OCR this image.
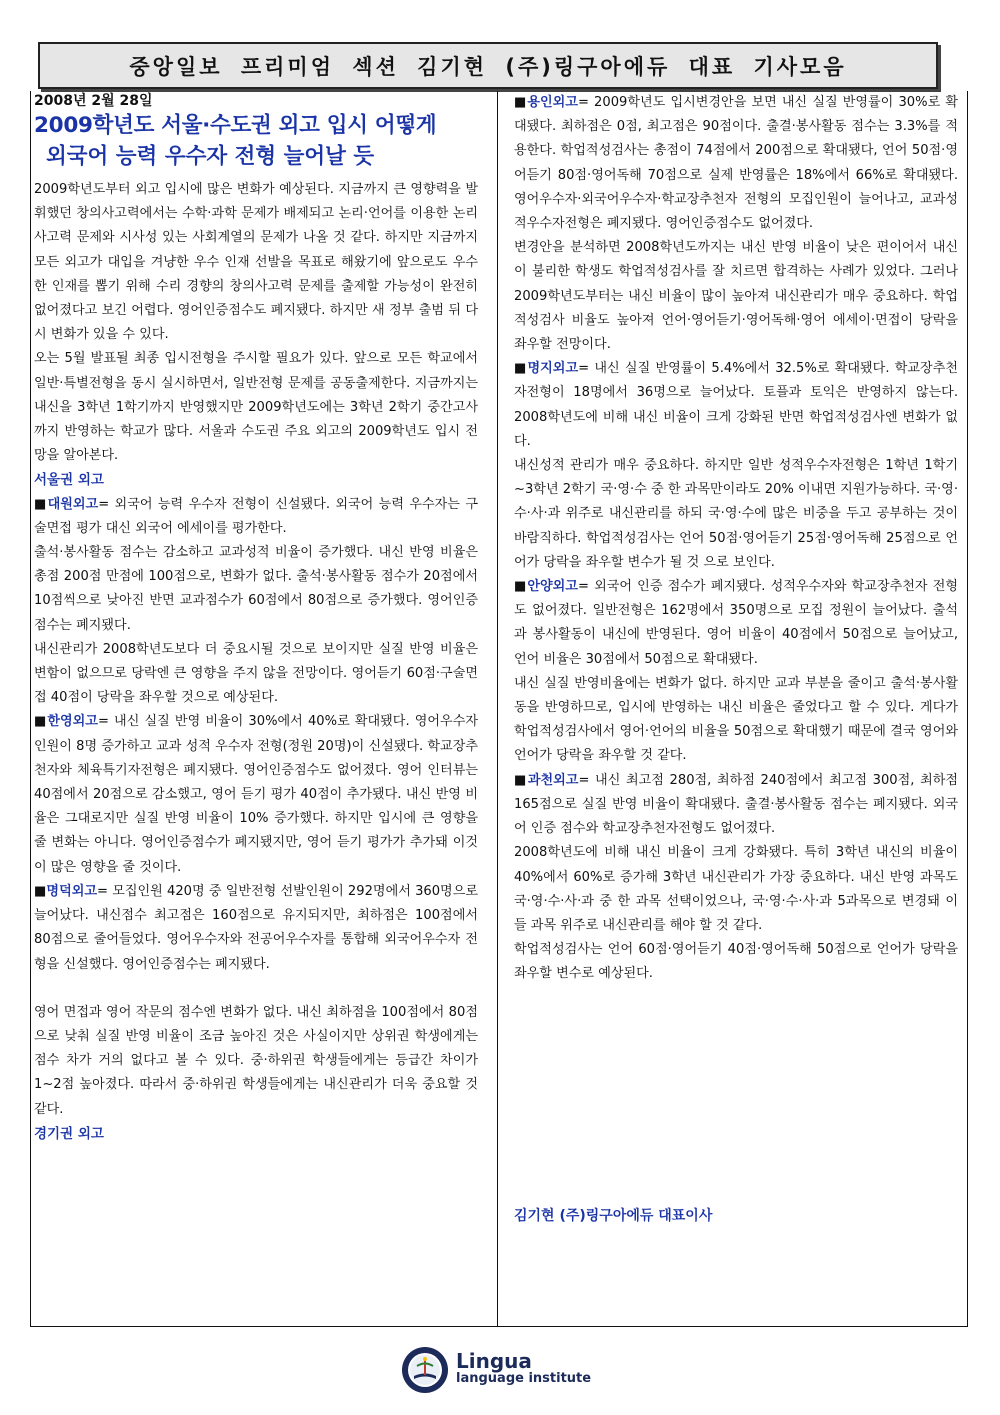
중앙일보 프리미엄 섹션 김기현 (주)링구아에듀 대표 기사모음

2008년 2월 28일

2009학년도 서울·수도권 외고 입시 어떻게

외국어 능력 우수자 전형 늘어날 듯

2009학년도부터 외고 입시에 많은 변화가 예상된다. 지금까지 큰 영향력을 발휘했던 창의사고력에서는 수학·과학 문제가 배제되고 논리·언어를 이용한 논리사고력 문제와 시사성 있는 사회계열의 문제가 나올 것 같다. 하지만 지금까지 모든 외고가 대입을 겨냥한 우수 인재 선발을 목표로 해왔기에 앞으로도 우수한 인재를 뽑기 위해 수리 경향의 창의사고력 문제를 출제할 가능성이 완전히 없어졌다고 보긴 어렵다. 영어인증점수도 폐지됐다. 하지만 새 정부 출범 뒤 다시 변화가 있을 수 있다.

오는 5월 발표될 최종 입시전형을 주시할 필요가 있다. 앞으로 모든 학교에서 일반·특별전형을 동시 실시하면서, 일반전형 문제를 공동출제한다. 지금까지는 내신을 3학년 1학기까지 반영했지만 2009학년도에는 3학년 2학기 중간고사까지 반영하는 학교가 많다. 서울과 수도권 주요 외고의 2009학년도 입시 전망을 알아본다.

서울권 외고

■대원외고= 외국어 능력 우수자 전형이 신설됐다. 외국어 능력 우수자는 구술면접 평가 대신 외국어 에세이를 평가한다.

출석·봉사활동 점수는 감소하고 교과성적 비율이 증가했다. 내신 반영 비율은 총점 200점 만점에 100점으로, 변화가 없다. 출석·봉사활동 점수가 20점에서 10점씩으로 낮아진 반면 교과점수가 60점에서 80점으로 증가했다. 영어인증점수는 폐지됐다.

내신관리가 2008학년도보다 더 중요시될 것으로 보이지만 실질 반영 비율은 변함이 없으므로 당락엔 큰 영향을 주지 않을 전망이다. 영어듣기 60점·구술면접 40점이 당락을 좌우할 것으로 예상된다.

■한영외고= 내신 실질 반영 비율이 30%에서 40%로 확대됐다. 영어우수자 인원이 8명 증가하고 교과 성적 우수자 전형(정원 20명)이 신설됐다. 학교장추천자와 체육특기자전형은 폐지됐다. 영어인증점수도 없어졌다. 영어 인터뷰는 40점에서 20점으로 감소했고, 영어 듣기 평가 40점이 추가됐다. 내신 반영 비율은 그대로지만 실질 반영 비율이 10% 증가했다. 하지만 입시에 큰 영향을 줄 변화는 아니다. 영어인증점수가 폐지됐지만, 영어 듣기 평가가 추가돼 이것이 많은 영향을 줄 것이다.

■명덕외고= 모집인원 420명 중 일반전형 선발인원이 292명에서 360명으로 늘어났다. 내신점수 최고점은 160점으로 유지되지만, 최하점은 100점에서 80점으로 줄어들었다. 영어우수자와 전공어우수자를 통합해 외국어우수자 전형을 신설했다. 영어인증점수는 폐지됐다.

영어 면접과 영어 작문의 점수엔 변화가 없다. 내신 최하점을 100점에서 80점으로 낮춰 실질 반영 비율이 조금 높아진 것은 사실이지만 상위권 학생에게는 점수 차가 거의 없다고 볼 수 있다. 중·하위권 학생들에게는 등급간 차이가 1~2점 높아졌다. 따라서 중·하위권 학생들에게는 내신관리가 더욱 중요할 것 같다.

경기권 외고

■용인외고= 2009학년도 입시변경안을 보면 내신 실질 반영률이 30%로 확대됐다. 최하점은 0점, 최고점은 90점이다. 출결·봉사활동 점수는 3.3%를 적용한다. 학업적성검사는 총점이 74점에서 200점으로 확대됐다, 언어 50점·영어듣기 80점·영어독해 70점으로 실제 반영률은 18%에서 66%로 확대됐다. 영어우수자·외국어우수자·학교장추천자 전형의 모집인원이 늘어나고, 교과성적우수자전형은 폐지됐다. 영어인증점수도 없어졌다.

변경안을 분석하면 2008학년도까지는 내신 반영 비율이 낮은 편이어서 내신이 불리한 학생도 학업적성검사를 잘 치르면 합격하는 사례가 있었다. 그러나 2009학년도부터는 내신 비율이 많이 높아져 내신관리가 매우 중요하다. 학업적성검사 비율도 높아져 언어·영어듣기·영어독해·영어 에세이·면접이 당락을 좌우할 전망이다.

■명지외고= 내신 실질 반영률이 5.4%에서 32.5%로 확대됐다. 학교장추천자전형이 18명에서 36명으로 늘어났다. 토플과 토익은 반영하지 않는다. 2008학년도에 비해 내신 비율이 크게 강화된 반면 학업적성검사엔 변화가 없다.

내신성적 관리가 매우 중요하다. 하지만 일반 성적우수자전형은 1학년 1학기~3학년 2학기 국·영·수 중 한 과목만이라도 20% 이내면 지원가능하다. 국·영·수·사·과 위주로 내신관리를 하되 국·영·수에 많은 비중을 두고 공부하는 것이 바람직하다. 학업적성검사는 언어 50점·영어듣기 25점·영어독해 25점으로 언어가 당락을 좌우할 변수가 될 것 으로 보인다.

■안양외고= 외국어 인증 점수가 폐지됐다. 성적우수자와 학교장추천자 전형도 없어졌다. 일반전형은 162명에서 350명으로 모집 정원이 늘어났다. 출석과 봉사활동이 내신에 반영된다. 영어 비율이 40점에서 50점으로 늘어났고, 언어 비율은 30점에서 50점으로 확대됐다.

내신 실질 반영비율에는 변화가 없다. 하지만 교과 부분을 줄이고 출석·봉사활동을 반영하므로, 입시에 반영하는 내신 비율은 줄었다고 할 수 있다. 게다가 학업적성검사에서 영어·언어의 비율을 50점으로 확대했기 때문에 결국 영어와 언어가 당락을 좌우할 것 같다.

■과천외고= 내신 최고점 280점, 최하점 240점에서 최고점 300점, 최하점 165점으로 실질 반영 비율이 확대됐다. 출결·봉사활동 점수는 폐지됐다. 외국어 인증 점수와 학교장추천자전형도 없어졌다.

2008학년도에 비해 내신 비율이 크게 강화됐다. 특히 3학년 내신의 비율이 40%에서 60%로 증가해 3학년 내신관리가 가장 중요하다. 내신 반영 과목도 국·영·수·사·과 중 한 과목 선택이었으나, 국·영·수·사·과 5과목으로 변경돼 이들 과목 위주로 내신관리를 해야 할 것 같다.

학업적성검사는 언어 60점·영어듣기 40점·영어독해 50점으로 언어가 당락을 좌우할 변수로 예상된다.

김기현 (주)링구아에듀 대표이사

Lingua
language institute
